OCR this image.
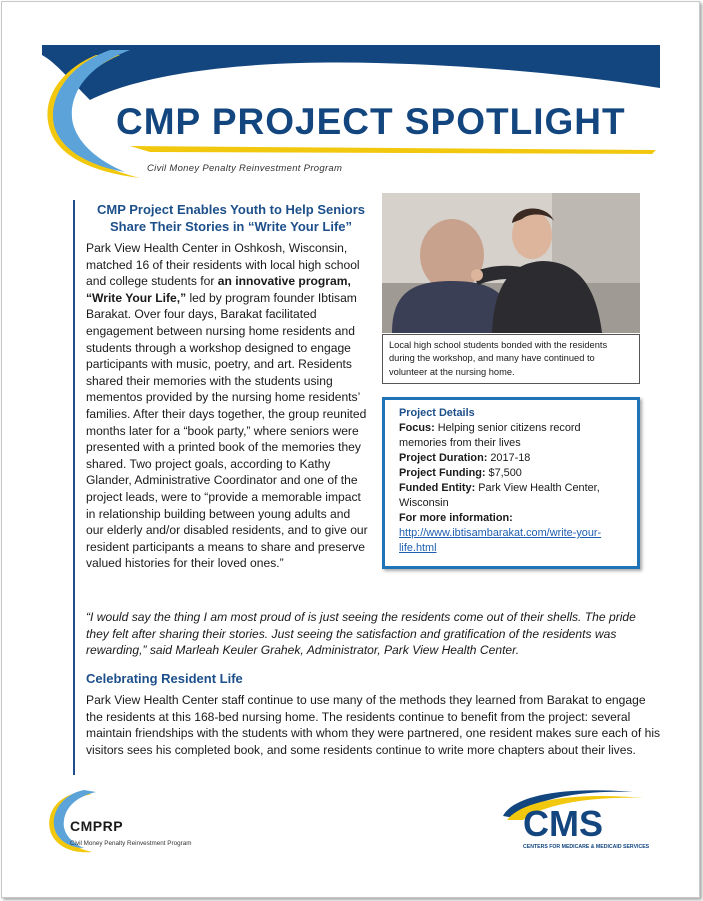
CMP PROJECT SPOTLIGHT
Civil Money Penalty Reinvestment Program
CMP Project Enables Youth to Help Seniors Share Their Stories in “Write Your Life”

Park View Health Center in Oshkosh, Wisconsin, matched 16 of their residents with local high school and college students for an innovative program, “Write Your Life,” led by program founder Ibtisam Barakat. Over four days, Barakat facilitated engagement between nursing home residents and students through a workshop designed to engage participants with music, poetry, and art. Residents shared their memories with the students using mementos provided by the nursing home residents’ families. After their days together, the group reunited months later for a “book party,” where seniors were presented with a printed book of the memories they shared. Two project goals, according to Kathy Glander, Administrative Coordinator and one of the project leads, were to “provide a memorable impact in relationship building between young adults and our elderly and/or disabled residents, and to give our resident participants a means to share and preserve valued histories for their loved ones.”

Local high school students bonded with the residents during the workshop, and many have continued to volunteer at the nursing home.
Project Details
Focus: Helping senior citizens record memories from their lives
Project Duration: 2017-18
Project Funding: $7,500
Funded Entity: Park View Health Center, Wisconsin
For more information:
http://www.ibtisambarakat.com/write-your-life.html
“I would say the thing I am most proud of is just seeing the residents come out of their shells. The pride they felt after sharing their stories. Just seeing the satisfaction and gratification of the residents was rewarding,” said Marleah Keuler Grahek, Administrator, Park View Health Center.
Celebrating Resident Life
Park View Health Center staff continue to use many of the methods they learned from Barakat to engage the residents at this 168-bed nursing home. The residents continue to benefit from the project: several maintain friendships with the students with whom they were partnered, one resident makes sure each of his visitors sees his completed book, and some residents continue to write more chapters about their lives.
CMPRP
Civil Money Penalty Reinvestment Program	CMS
CENTERS FOR MEDICARE & MEDICAID SERVICES
